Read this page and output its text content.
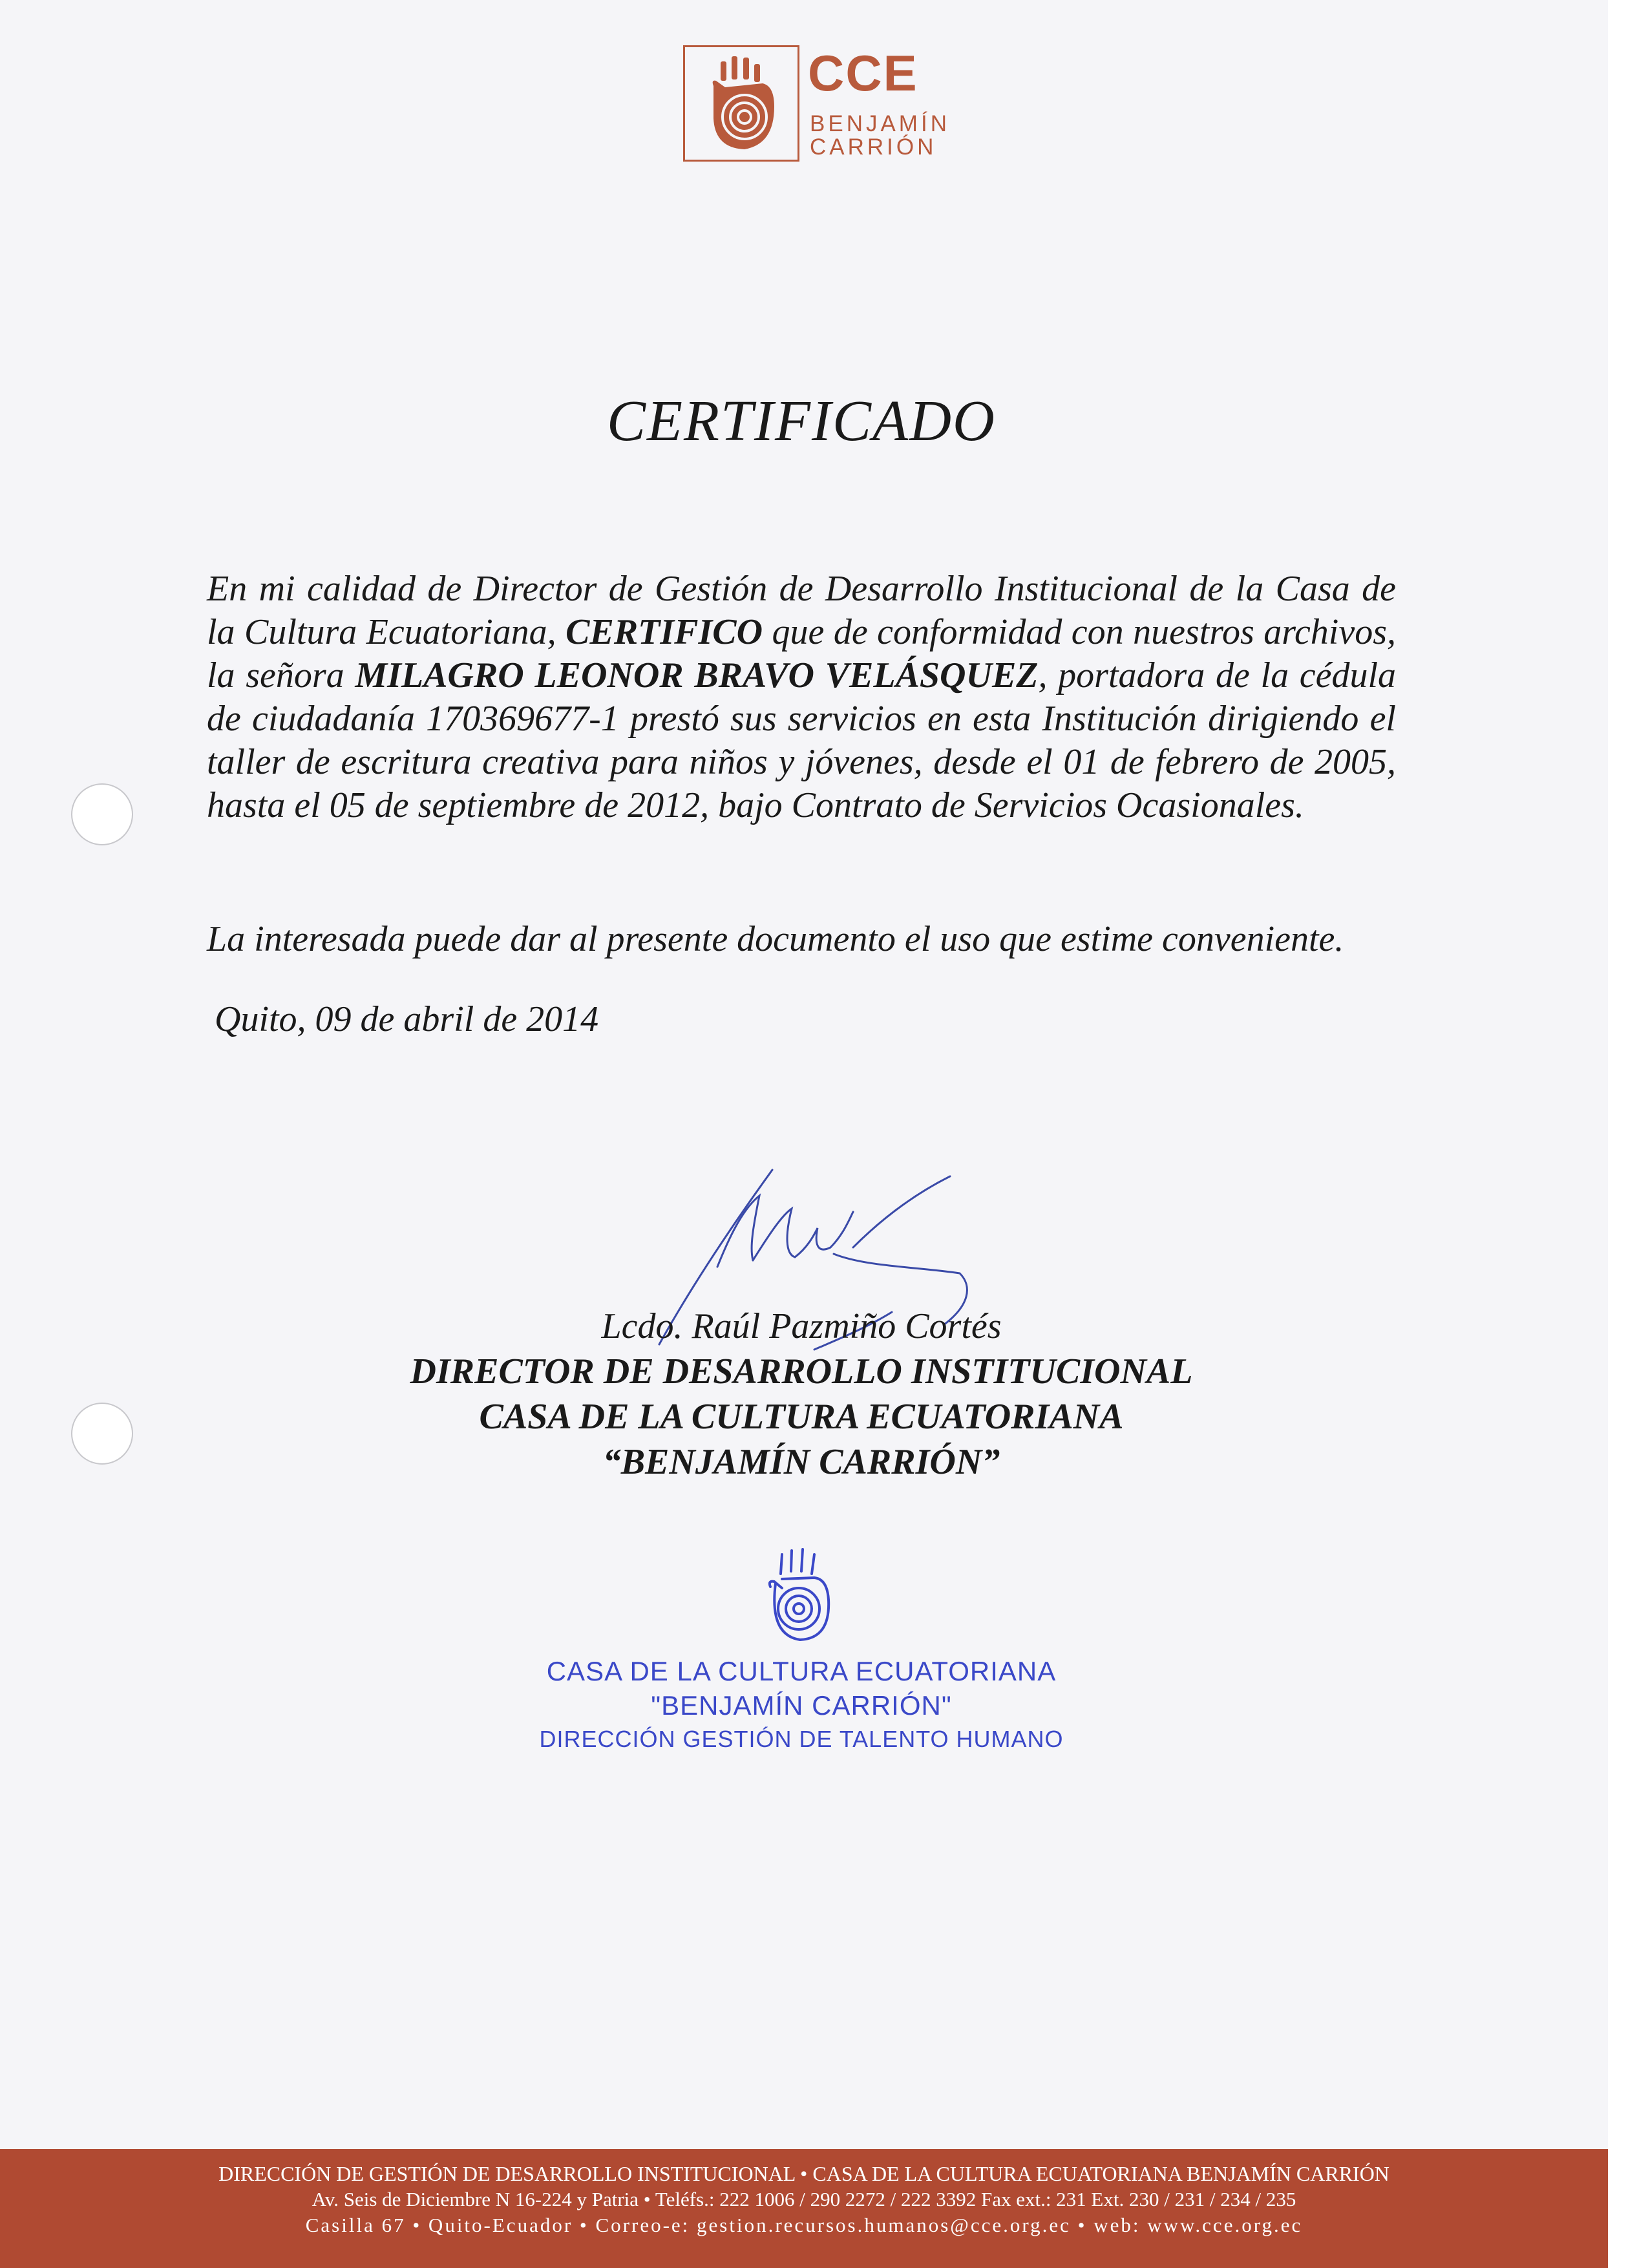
CCE
BENJAMÍN
CARRIÓN
CERTIFICADO
En mi calidad de Director de Gestión de Desarrollo Institucional de la Casa de la Cultura Ecuatoriana, CERTIFICO que de conformidad con nuestros archivos, la señora MILAGRO LEONOR BRAVO VELÁSQUEZ, portadora de la cédula de ciudadanía 170369677-1 prestó sus servicios en esta Institución dirigiendo el taller de escritura creativa para niños y jóvenes, desde el 01 de febrero de 2005, hasta el 05 de septiembre de 2012, bajo Contrato de Servicios Ocasionales.
La interesada puede dar al presente documento el uso que estime conveniente.
Quito, 09 de abril de 2014
Lcdo. Raúl Pazmiño Cortés
DIRECTOR DE DESARROLLO INSTITUCIONAL
CASA DE LA CULTURA ECUATORIANA
“BENJAMÍN CARRIÓN”
CASA DE LA CULTURA ECUATORIANA
"BENJAMÍN CARRIÓN"
DIRECCIÓN GESTIÓN DE TALENTO HUMANO
DIRECCIÓN DE GESTIÓN DE DESARROLLO INSTITUCIONAL • CASA DE LA CULTURA ECUATORIANA BENJAMÍN CARRIÓN
Av. Seis de Diciembre N 16-224 y Patria • Teléfs.: 222 1006 / 290 2272 / 222 3392 Fax ext.: 231 Ext. 230 / 231 / 234 / 235
Casilla 67 • Quito-Ecuador • Correo-e: gestion.recursos.humanos@cce.org.ec • web: www.cce.org.ec
